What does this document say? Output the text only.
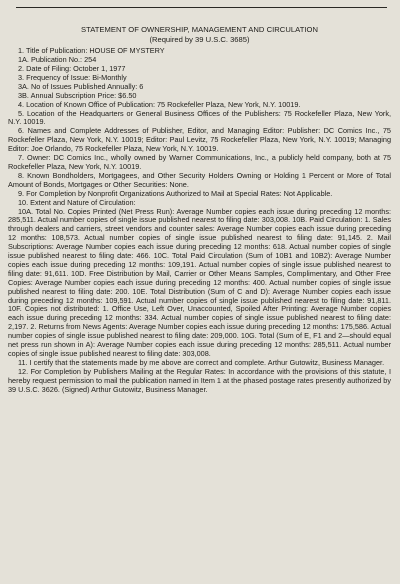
STATEMENT OF OWNERSHIP, MANAGEMENT AND CIRCULATION
(Required by 39 U.S.C. 3685)

1. Title of Publication: HOUSE OF MYSTERY

1A. Publication No.: 254

2. Date of Filing: October 1, 1977

3. Frequency of Issue: Bi-Monthly

3A. No of Issues Published Annually: 6

3B. Annual Subscription Price: $6.50

4. Location of Known Office of Publication: 75 Rockefeller Plaza, New York, N.Y. 10019.

5. Location of the Headquarters or General Business Offices of the Publishers: 75 Rockefeller Plaza, New York, N.Y. 10019.

6. Names and Complete Addresses of Publisher, Editor, and Managing Editor: Publisher: DC Comics Inc., 75 Rockefeller Plaza, New York, N.Y. 10019; Editor: Paul Levitz, 75 Rockefeller Plaza, New York, N.Y. 10019; Managing Editor: Joe Orlando, 75 Rockefeller Plaza, New York, N.Y. 10019.

7. Owner: DC Comics Inc., wholly owned by Warner Communications, Inc., a publicly held company, both at 75 Rockefeller Plaza, New York, N.Y. 10019.

8. Known Bondholders, Mortgagees, and Other Security Holders Owning or Holding 1 Percent or More of Total Amount of Bonds, Mortgages or Other Securities: None.

9. For Completion by Nonprofit Organizations Authorized to Mail at Special Rates: Not Applicable.

10. Extent and Nature of Circulation:

10A. Total No. Copies Printed (Net Press Run): Average Number copies each issue during preceding 12 months: 285,511. Actual number copies of single issue published nearest to filing date: 303,008. 10B. Paid Circulation: 1. Sales through dealers and carriers, street vendors and counter sales: Average Number copies each issue during preceding 12 months: 108,573. Actual number copies of single issue published nearest to filing date: 91,145. 2. Mail Subscriptions: Average Number copies each issue during preceding 12 months: 618. Actual number copies of single issue published nearest to filing date: 466. 10C. Total Paid Circulation (Sum of 10B1 and 10B2): Average Number copies each issue during preceding 12 months: 109,191. Actual number copies of single issue published nearest to filing date: 91,611. 10D. Free Distribution by Mail, Carrier or Other Means Samples, Complimentary, and Other Free Copies: Average Number copies each issue during preceding 12 months: 400. Actual number copies of single issue published nearest to filing date: 200. 10E. Total Distribution (Sum of C and D): Average Number copies each issue during preceding 12 months: 109,591. Actual number copies of single issue published nearest to filing date: 91,811. 10F. Copies not distributed: 1. Office Use, Left Over, Unaccounted, Spoiled After Printing: Average Number copies each issue during preceding 12 months: 334. Actual number copies of single issue published nearest to filing date: 2,197. 2. Returns from News Agents: Average Number copies each issue during preceding 12 months: 175,586. Actual number copies of single issue published nearest to filing date: 209,000. 10G. Total (Sum of E, F1 and 2—should equal net press run shown in A): Average Number copies each issue during preceding 12 months: 285,511. Actual number copies of single issue published nearest to filing date: 303,008.

11. I certify that the statements made by me above are correct and complete. Arthur Gutowitz, Business Manager.

12. For Completion by Publishers Mailing at the Regular Rates: In accordance with the provisions of this statute, I hereby request permission to mail the publication named in Item 1 at the phased postage rates presently authorized by 39 U.S.C. 3626. (Signed) Arthur Gutowitz, Business Manager.
